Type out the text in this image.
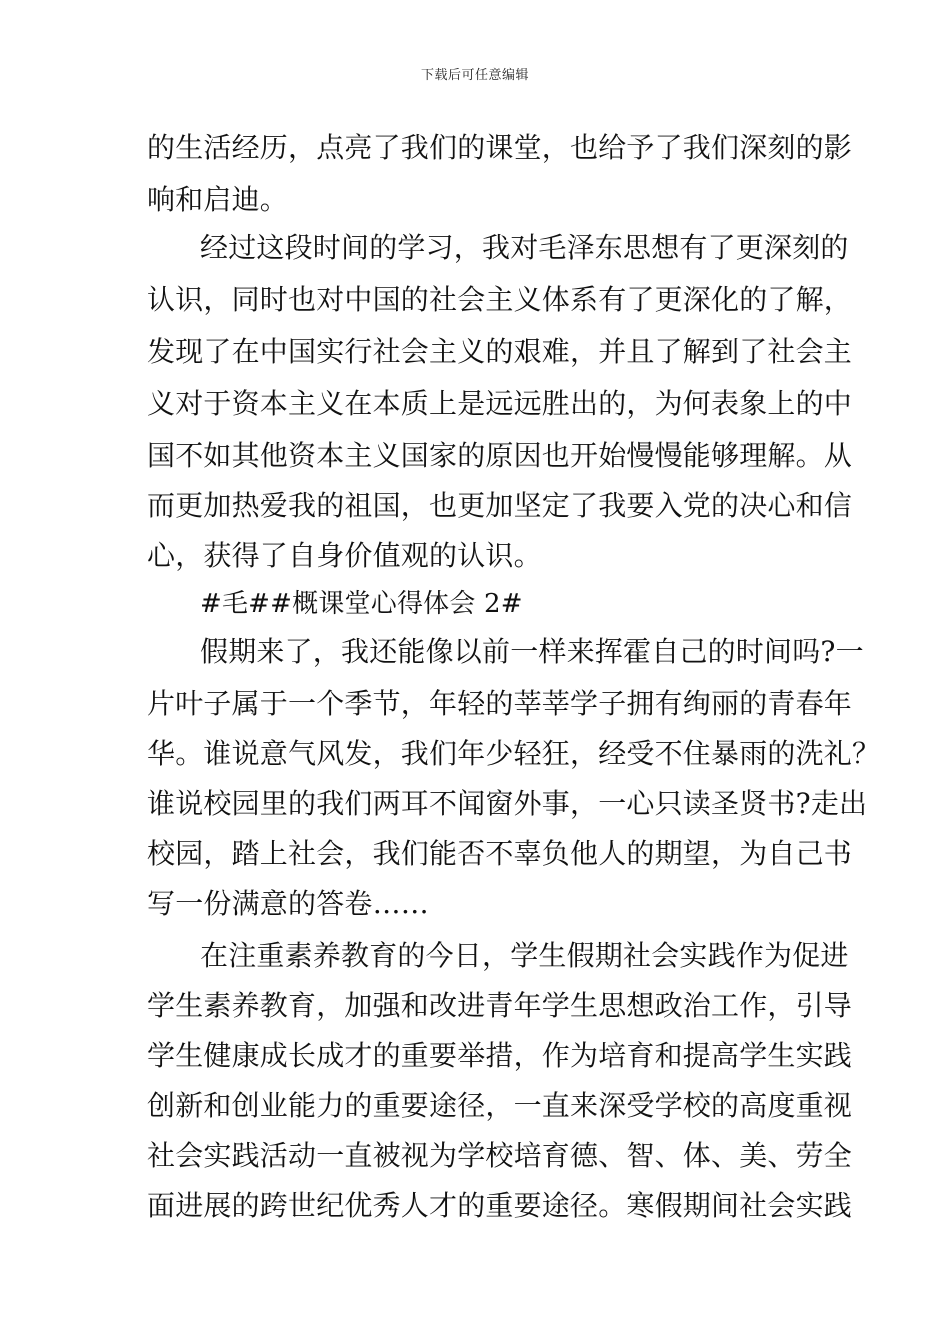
下载后可任意编辑
的生活经历，点亮了我们的课堂，也给予了我们深刻的影
响和启迪。
经过这段时间的学习，我对毛泽东思想有了更深刻的
认识，同时也对中国的社会主义体系有了更深化的了解，
发现了在中国实行社会主义的艰难，并且了解到了社会主
义对于资本主义在本质上是远远胜出的，为何表象上的中
国不如其他资本主义国家的原因也开始慢慢能够理解。从
而更加热爱我的祖国，也更加坚定了我要入党的决心和信
心，获得了自身价值观的认识。
#毛##概课堂心得体会 2#
假期来了，我还能像以前一样来挥霍自己的时间吗?一
片叶子属于一个季节，年轻的莘莘学子拥有绚丽的青春年
华。谁说意气风发，我们年少轻狂，经受不住暴雨的洗礼？
谁说校园里的我们两耳不闻窗外事，一心只读圣贤书?走出
校园，踏上社会，我们能否不辜负他人的期望，为自己书
写一份满意的答卷……
在注重素养教育的今日，学生假期社会实践作为促进
学生素养教育，加强和改进青年学生思想政治工作，引导
学生健康成长成才的重要举措，作为培育和提高学生实践
创新和创业能力的重要途径，一直来深受学校的高度重视
社会实践活动一直被视为学校培育德、智、体、美、劳全
面进展的跨世纪优秀人才的重要途径。寒假期间社会实践
